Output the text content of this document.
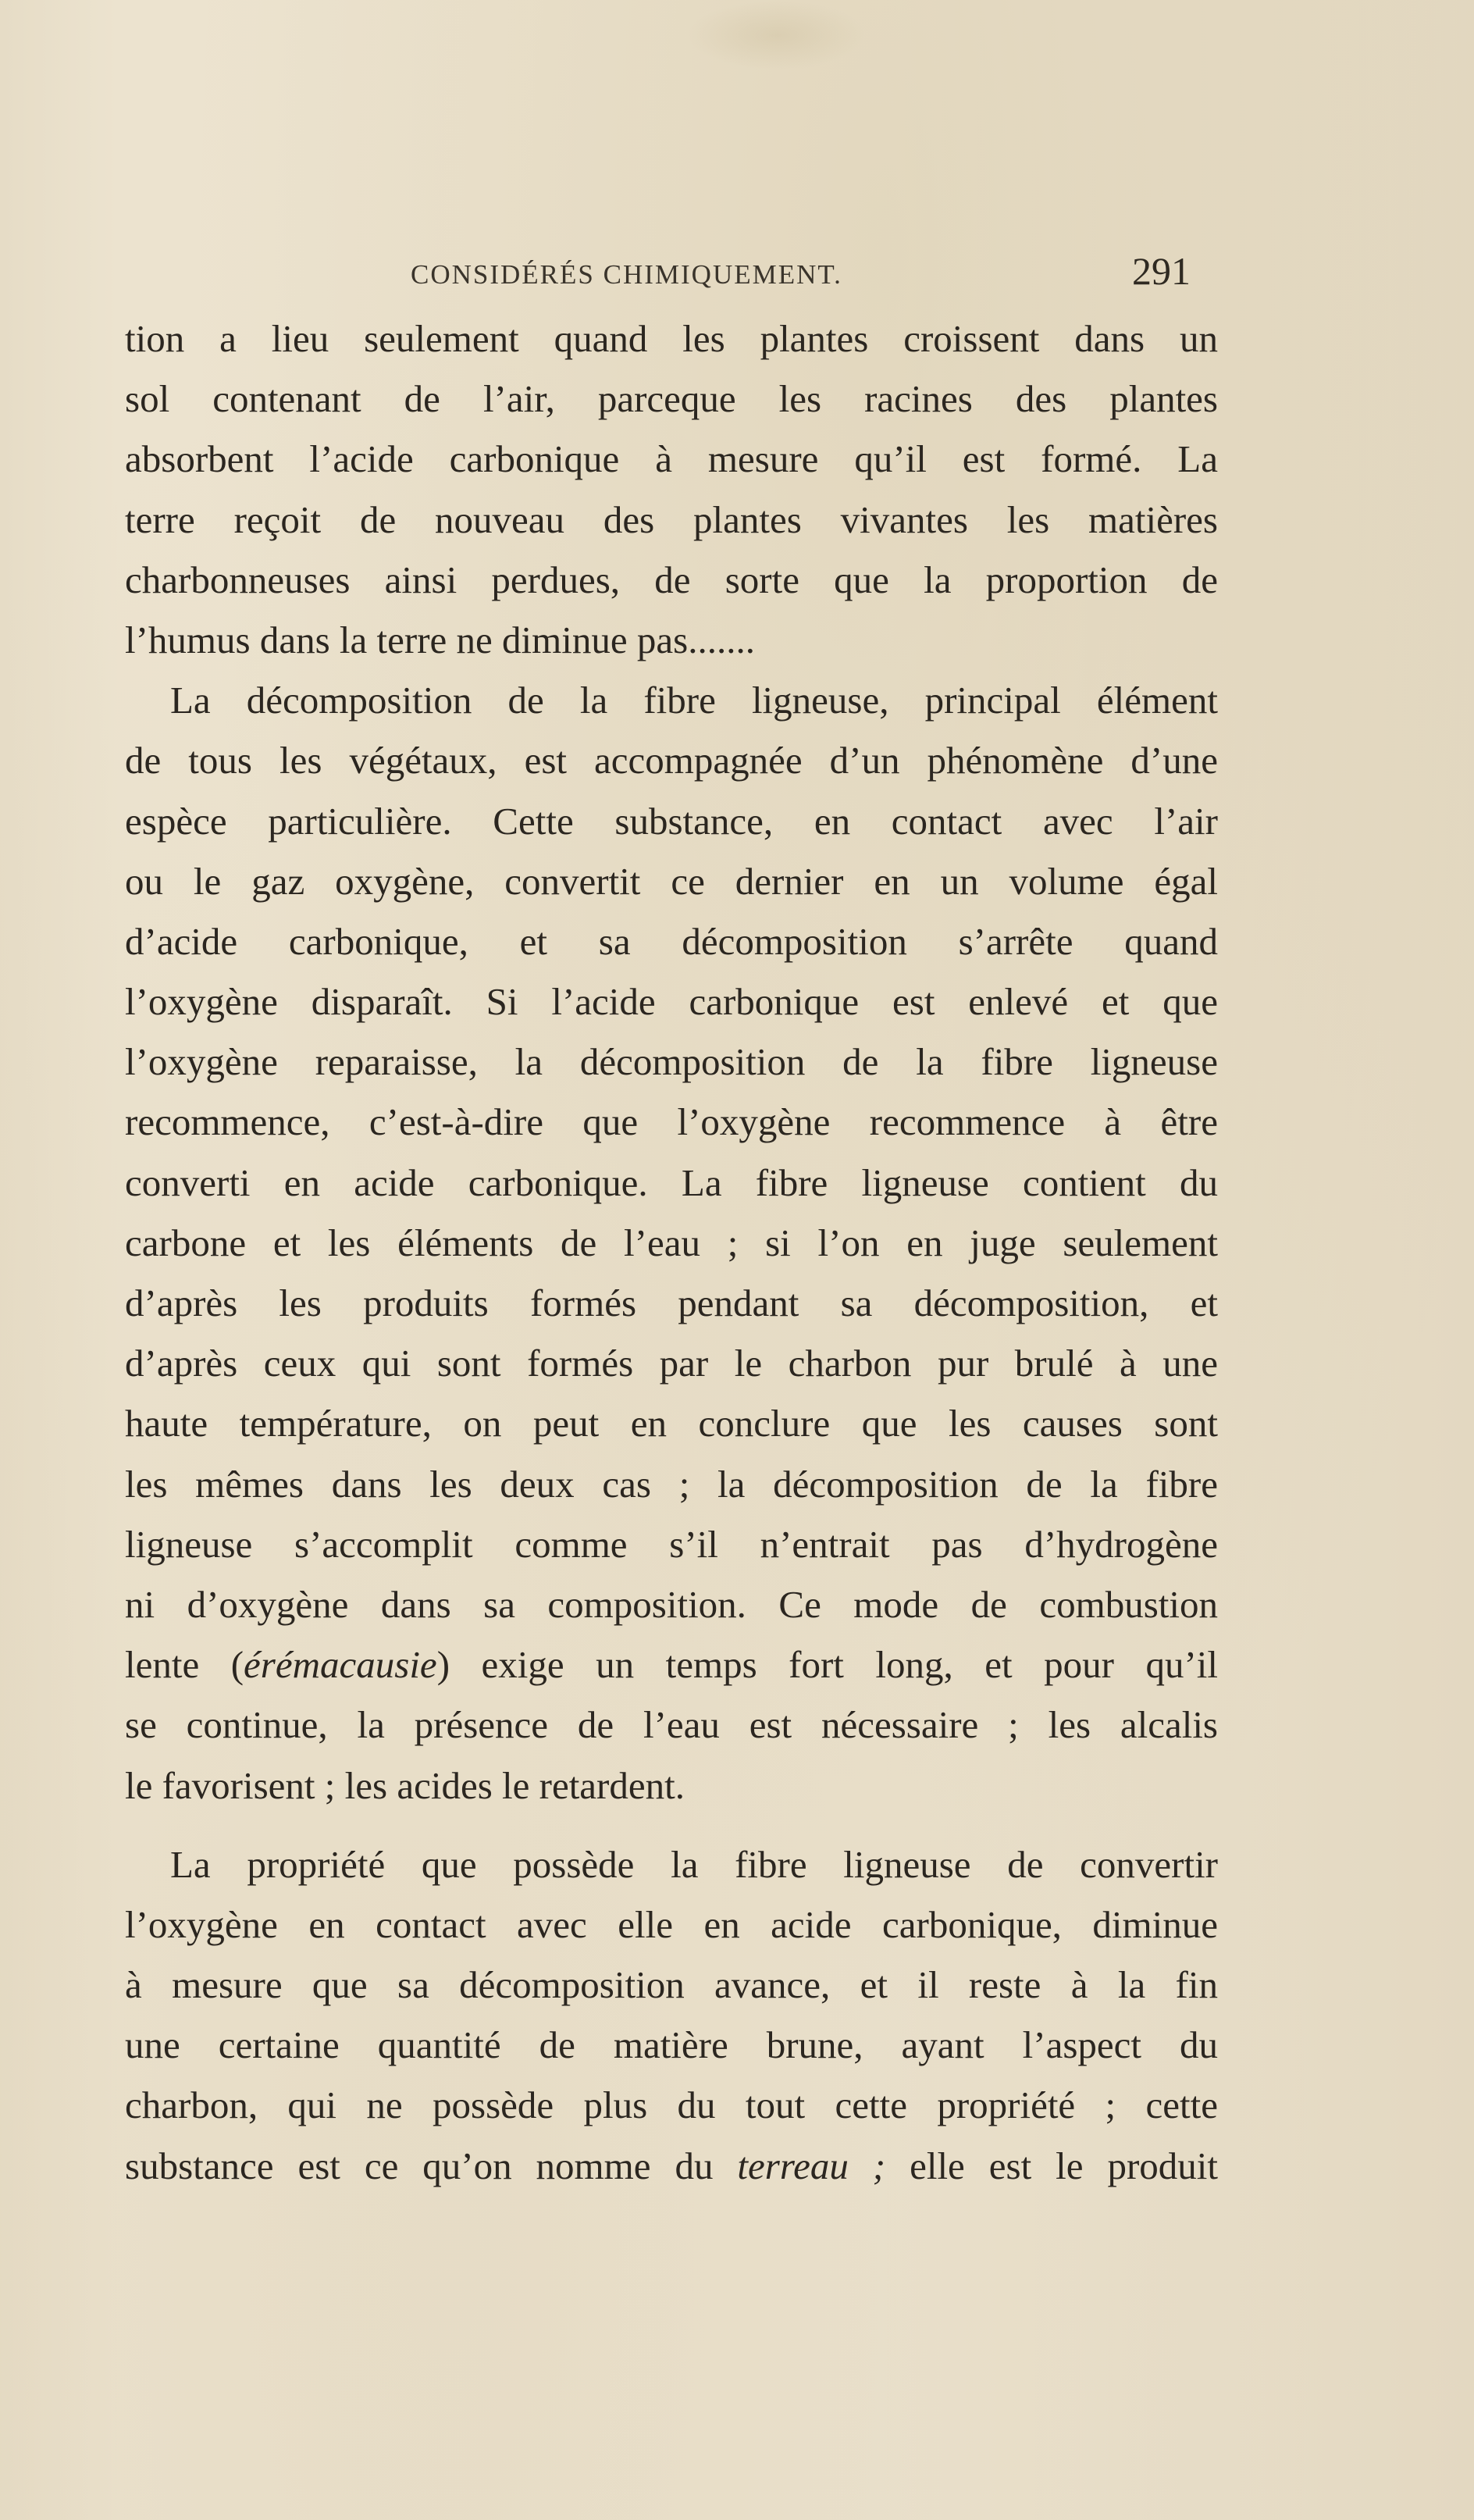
CONSIDÉRÉS CHIMIQUEMENT.	291
tion a lieu seulement quand les plantes croissent dans un
sol contenant de l’air, parceque les racines des plantes
absorbent l’acide carbonique à mesure qu’il est formé. La
terre reçoit de nouveau des plantes vivantes les matières
charbonneuses ainsi perdues, de sorte que la proportion de
l’humus dans la terre ne diminue pas.......
La décomposition de la fibre ligneuse, principal élément
de tous les végétaux, est accompagnée d’un phénomène d’une
espèce particulière. Cette substance, en contact avec l’air
ou le gaz oxygène, convertit ce dernier en un volume égal
d’acide carbonique, et sa décomposition s’arrête quand
l’oxygène disparaît. Si l’acide carbonique est enlevé et que
l’oxygène reparaisse, la décomposition de la fibre ligneuse
recommence, c’est-à-dire que l’oxygène recommence à être
converti en acide carbonique. La fibre ligneuse contient du
carbone et les éléments de l’eau ; si l’on en juge seulement
d’après les produits formés pendant sa décomposition, et
d’après ceux qui sont formés par le charbon pur brulé à une
haute température, on peut en conclure que les causes sont
les mêmes dans les deux cas ; la décomposition de la fibre
ligneuse s’accomplit comme s’il n’entrait pas d’hydrogène
ni d’oxygène dans sa composition. Ce mode de combustion
lente (érémacausie) exige un temps fort long, et pour qu’il
se continue, la présence de l’eau est nécessaire ; les alcalis
le favorisent ; les acides le retardent.
La propriété que possède la fibre ligneuse de convertir
l’oxygène en contact avec elle en acide carbonique, diminue
à mesure que sa décomposition avance, et il reste à la fin
une certaine quantité de matière brune, ayant l’aspect du
charbon, qui ne possède plus du tout cette propriété ; cette
substance est ce qu’on nomme du terreau ; elle est le produit
